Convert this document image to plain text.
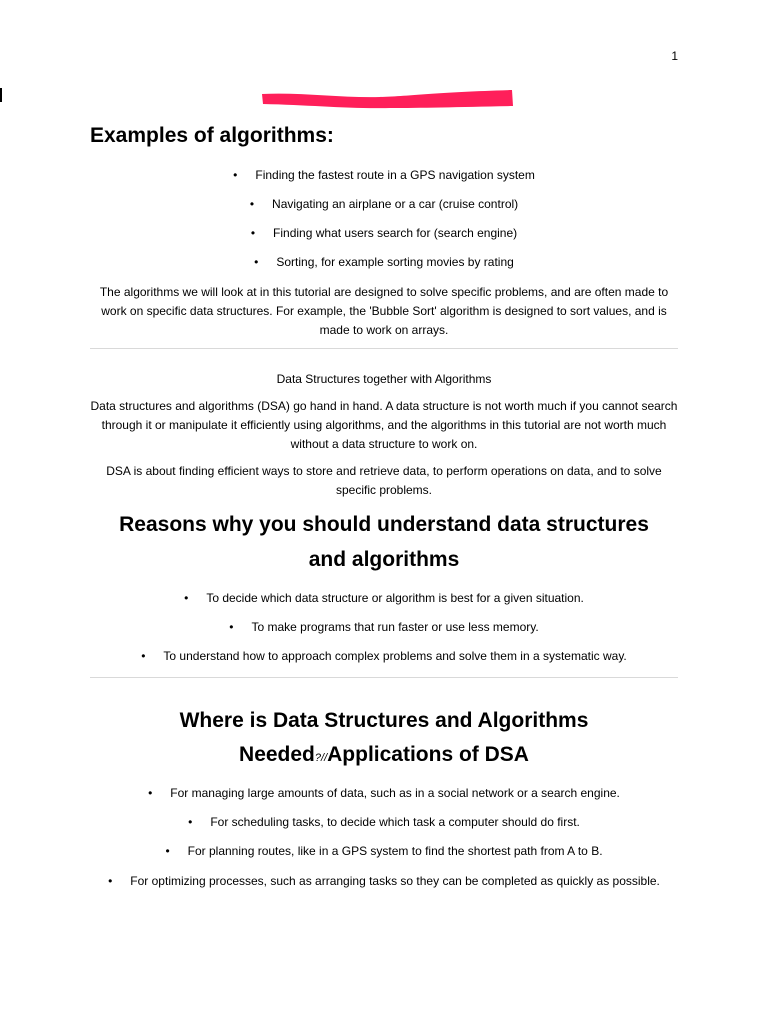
1
Examples of algorithms:
• Finding the fastest route in a GPS navigation system
• Navigating an airplane or a car (cruise control)
• Finding what users search for (search engine)
• Sorting, for example sorting movies by rating

The algorithms we will look at in this tutorial are designed to solve specific problems, and are often made to work on specific data structures. For example, the 'Bubble Sort' algorithm is designed to sort values, and is made to work on arrays.

Data Structures together with Algorithms

Data structures and algorithms (DSA) go hand in hand. A data structure is not worth much if you cannot search through it or manipulate it efficiently using algorithms, and the algorithms in this tutorial are not worth much without a data structure to work on.

DSA is about finding efficient ways to store and retrieve data, to perform operations on data, and to solve specific problems.

Reasons why you should understand data structures and algorithms
• To decide which data structure or algorithm is best for a given situation.
• To make programs that run faster or use less memory.
• To understand how to approach complex problems and solve them in a systematic way.
Where is Data Structures and Algorithms
Needed?//Applications of DSA
• For managing large amounts of data, such as in a social network or a search engine.
• For scheduling tasks, to decide which task a computer should do first.
• For planning routes, like in a GPS system to find the shortest path from A to B.
• For optimizing processes, such as arranging tasks so they can be completed as quickly as possible.
